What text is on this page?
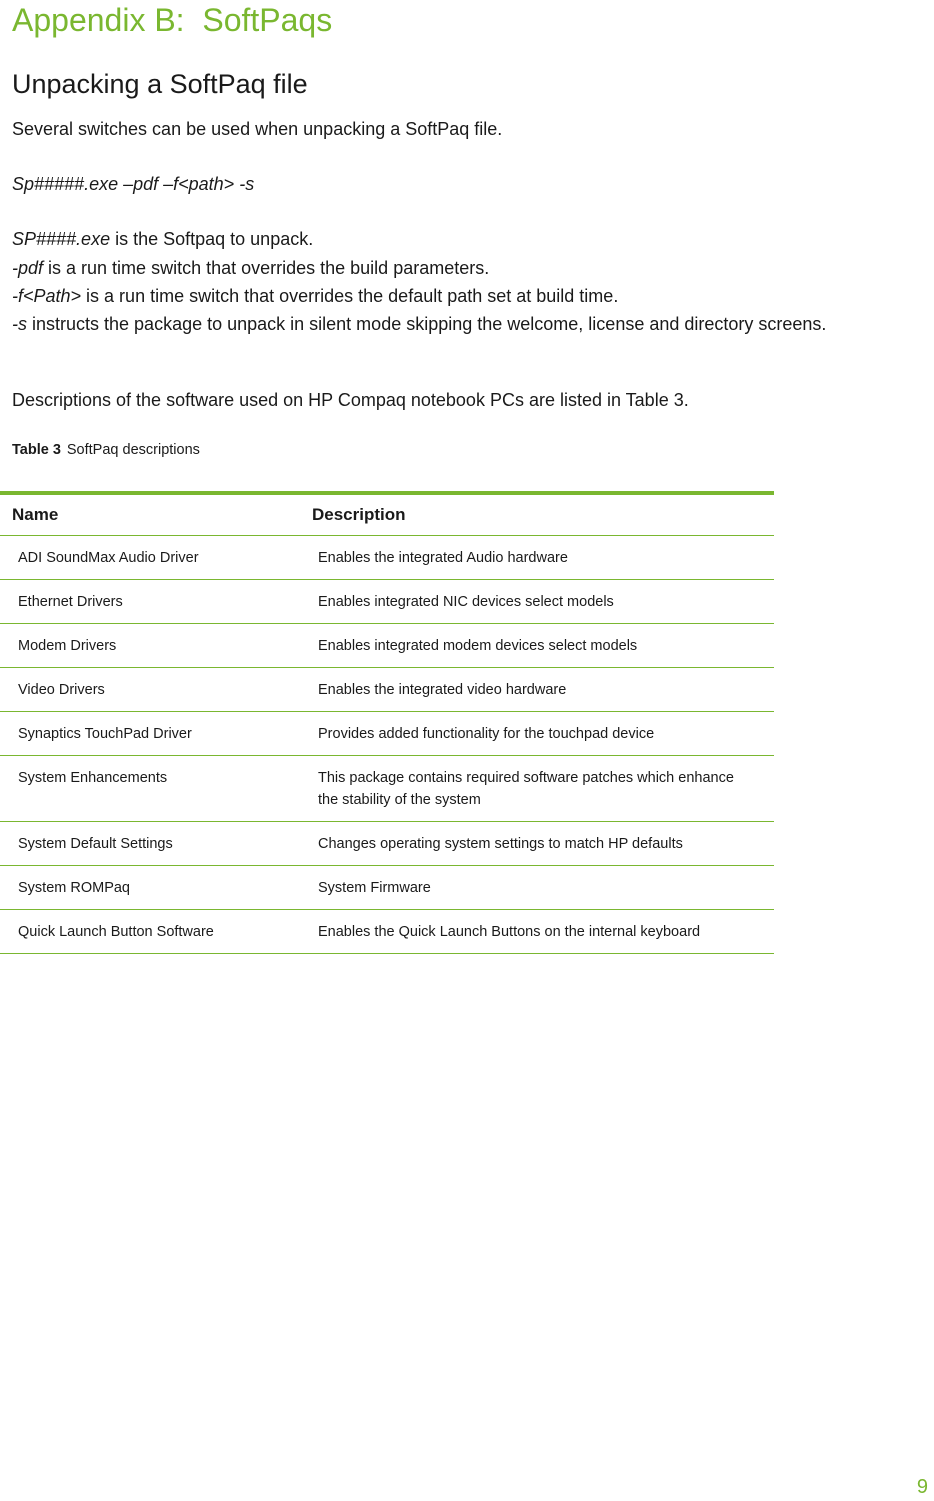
Appendix B:  SoftPaqs
Unpacking a SoftPaq file

Several switches can be used when unpacking a SoftPaq file.

Sp#####.exe –pdf –f<path> -s

SP####.exe is the Softpaq to unpack.

-pdf is a run time switch that overrides the build parameters.

-f<Path> is a run time switch that overrides the default path set at build time.

-s instructs the package to unpack in silent mode skipping the welcome, license and directory screens.

Descriptions of the software used on HP Compaq notebook PCs are listed in Table 3.

Table 3 SoftPaq descriptions

Name	Description
ADI SoundMax Audio Driver	Enables the integrated Audio hardware
Ethernet Drivers	Enables integrated NIC devices select models
Modem Drivers	Enables integrated modem devices select models
Video Drivers	Enables the integrated video hardware
Synaptics TouchPad Driver	Provides added functionality for the touchpad device
System Enhancements	This package contains required software patches which enhance the stability of the system
System Default Settings	Changes operating system settings to match HP defaults
System ROMPaq	System Firmware
Quick Launch Button Software	Enables the Quick Launch Buttons on the internal keyboard

9
